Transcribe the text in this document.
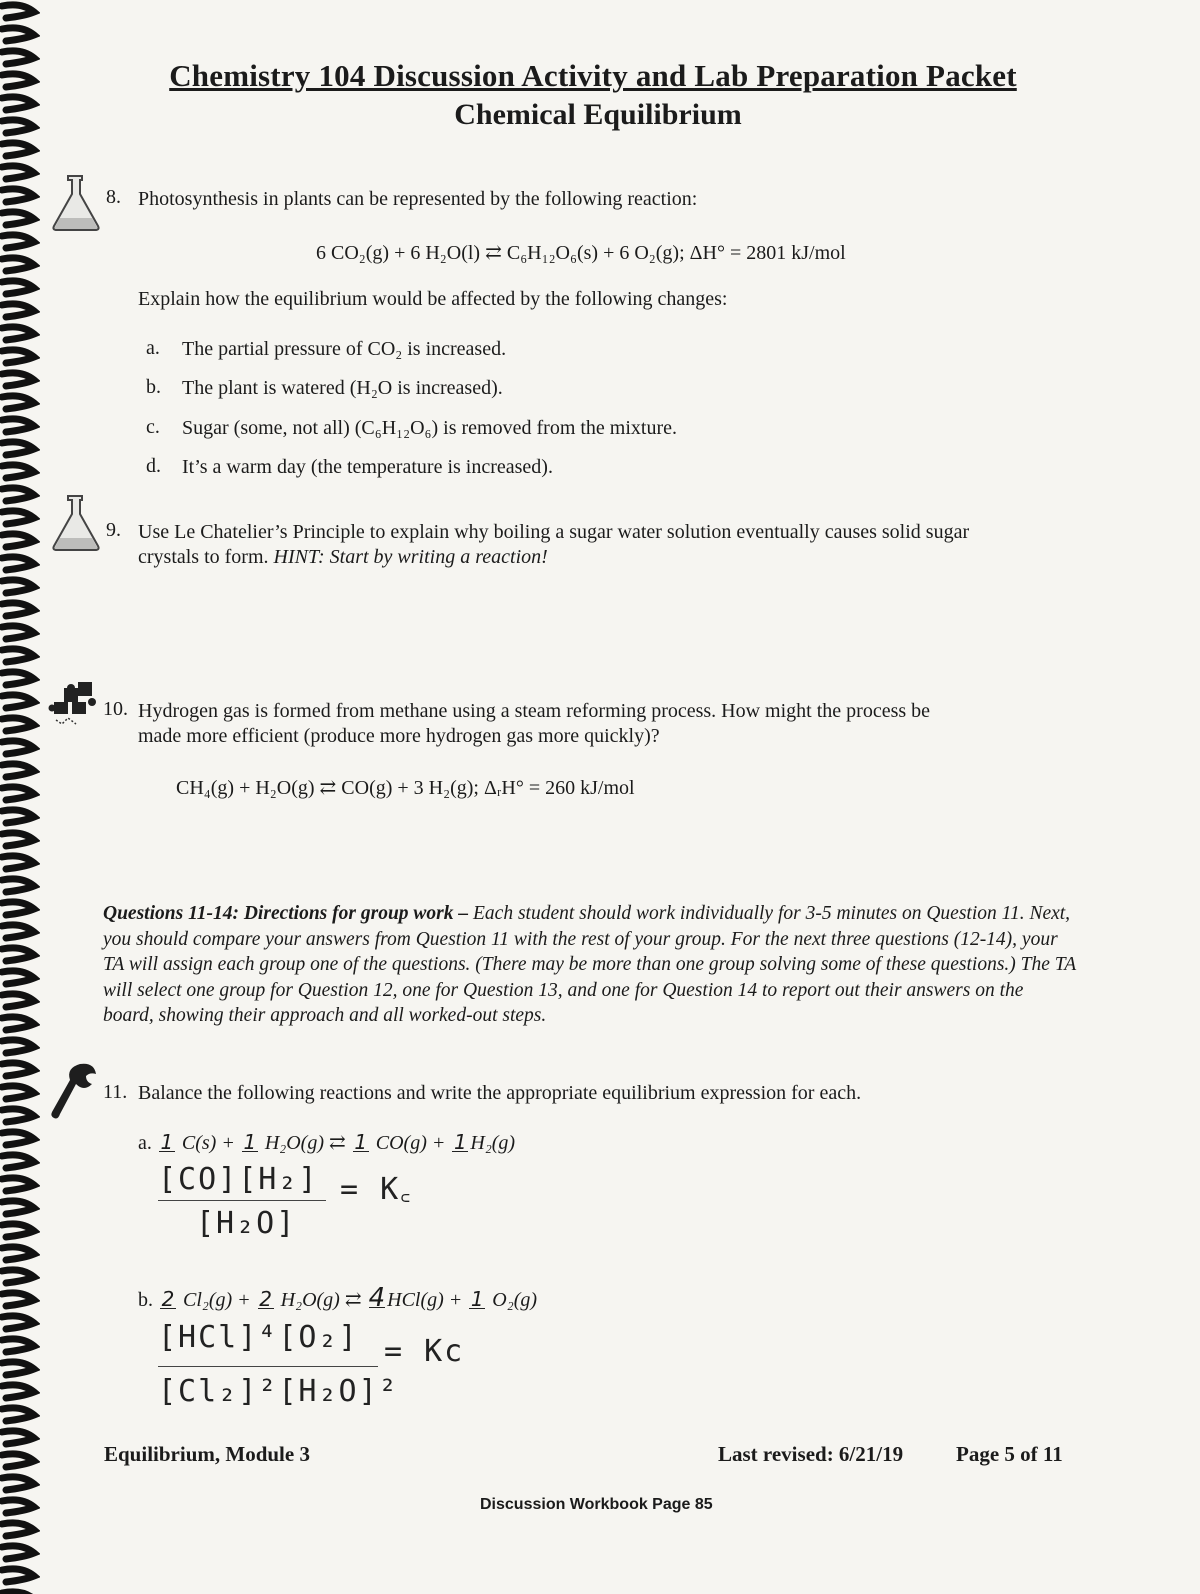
Chemistry 104 Discussion Activity and Lab Preparation Packet
Chemical Equilibrium
8. Photosynthesis in plants can be represented by the following reaction:
6 CO₂(g) + 6 H₂O(l) ⇄ C₆H₁₂O₆(s) + 6 O₂(g); ΔH° = 2801 kJ/mol
Explain how the equilibrium would be affected by the following changes:
a. The partial pressure of CO₂ is increased.
b. The plant is watered (H₂O is increased).
c. Sugar (some, not all) (C₆H₁₂O₆) is removed from the mixture.
d. It’s a warm day (the temperature is increased).
9. Use Le Chatelier’s Principle to explain why boiling a sugar water solution eventually causes solid sugar
crystals to form. HINT: Start by writing a reaction!
10. Hydrogen gas is formed from methane using a steam reforming process. How might the process be
made more efficient (produce more hydrogen gas more quickly)?
CH₄(g) + H₂O(g) ⇄ CO(g) + 3 H₂(g); ΔᵣH° = 260 kJ/mol
Questions 11-14: Directions for group work – Each student should work individually for 3-5 minutes on Question 11. Next, you should compare your answers from Question 11 with the rest of your group. For the next three questions (12-14), your TA will assign each group one of the questions. (There may be more than one group solving some of these questions.) The TA will select one group for Question 12, one for Question 13, and one for Question 14 to report out their answers on the board, showing their approach and all worked-out steps.
11. Balance the following reactions and write the appropriate equilibrium expression for each.
a. 1 C(s) + 1 H₂O(g) ⇄ 1 CO(g) + 1 H₂(g)
[CO][H₂]
[H₂O]
= K꜀
b. 2 Cl₂(g) + 2 H₂O(g) ⇄ 4 HCl(g) + 1 O₂(g)
[HCl]⁴[O₂]
[Cl₂]²[H₂O]²
= Kc
Equilibrium, Module 3	Last revised: 6/21/19	Page 5 of 11
Discussion Workbook Page 85
